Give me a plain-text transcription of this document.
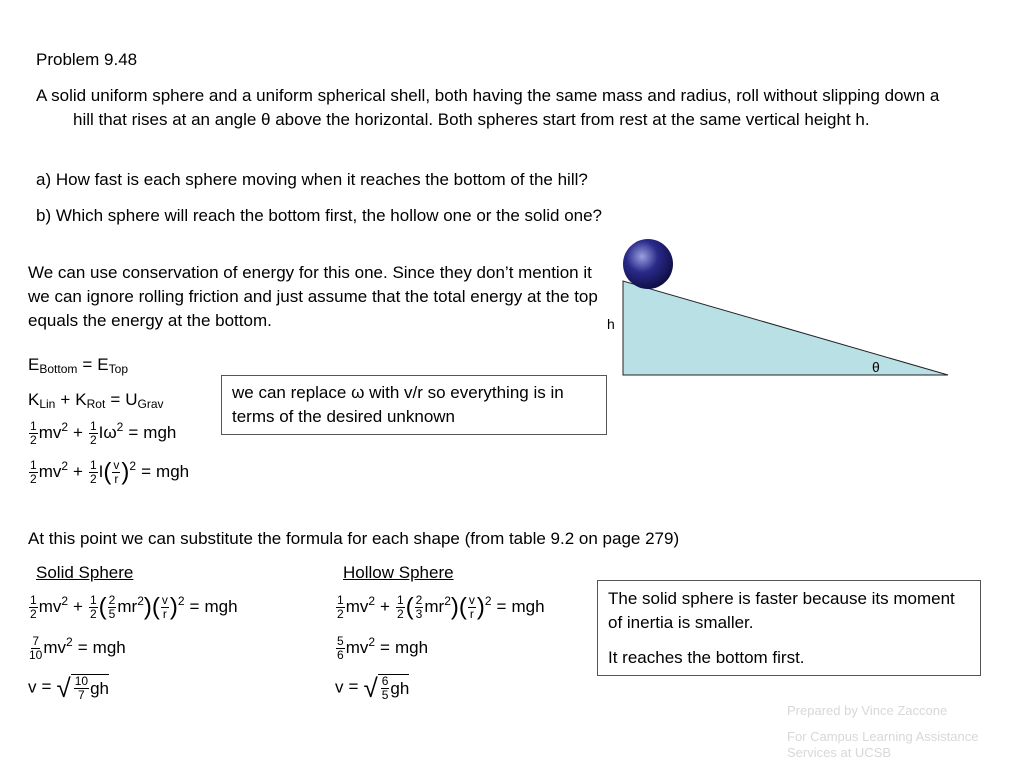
Problem 9.48
A solid uniform sphere and a uniform spherical shell, both having the same mass and radius, roll without slipping down a hill that rises at an angle θ above the horizontal. Both spheres start from rest at the same vertical height h.
a) How fast is each sphere moving when it reaches the bottom of the hill?
b) Which sphere will reach the bottom first, the hollow one or the solid one?
h
θ
We can use conservation of energy for this one. Since they don’t mention it we can ignore rolling friction and just assume that the total energy at the top equals the energy at the bottom.
$E_{Bottom} = E_{Top}$
$K_{Lin} + K_{Rot} = U_{Grav}$
$\frac{1}{2} mv^2 + \frac{1}{2} I\omega^2$ = mgh
$\frac{1}{2} mv^2 + \frac{1}{2} I( \frac{v}{r} )^2$ = mgh
we can replace ω with v/r so everything is in terms of the desired unknown
At this point we can substitute the formula for each shape (from table 9.2 on page 279)
Solid Sphere	Hollow Sphere
$\frac{1}{2} mv^2 + \frac{1}{2}$ ( $\frac{2}{5} mr^2)( \frac{v}{r} )^2$ = mgh
$\frac{7}{10} mv^2$ = mgh
v = √ $\frac{10}{7}$ gh
$\frac{1}{2} mv^2 + \frac{1}{2}$ ( $\frac{2}{3} mr^2)( \frac{v}{r} )^2$ = mgh
$\frac{5}{6} mv^2$ = mgh
v = √ $\frac{6}{5}$ gh

The solid sphere is faster because its moment of inertia is smaller.

It reaches the bottom first.

Prepared by Vince Zaccone
For Campus Learning Assistance Services at UCSB
